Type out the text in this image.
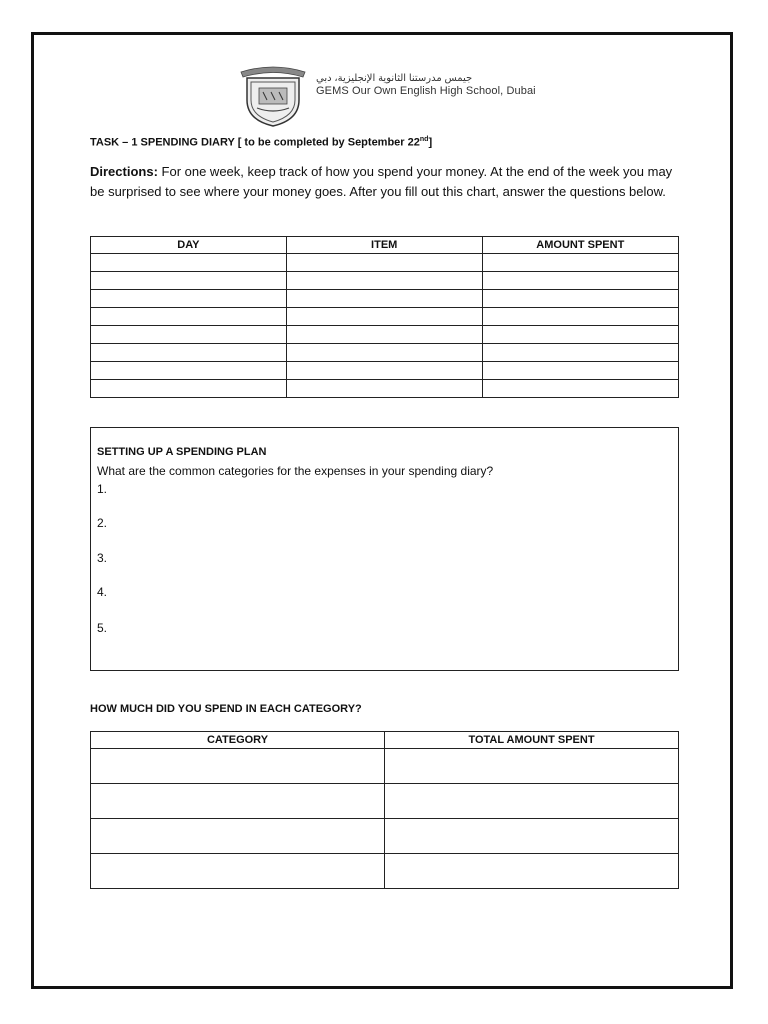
جيمس مدرستنا الثانوية الإنجليزية، دبي
GEMS Our Own English High School, Dubai
TASK – 1 SPENDING DIARY [ to be completed by September 22nd]
Directions: For one week, keep track of how you spend your money. At the end of the week you may be surprised to see where your money goes. After you fill out this chart, answer the questions below.
DAY	ITEM	AMOUNT SPENT

SETTING UP A SPENDING PLAN
What are the common categories for the expenses in your spending diary?
1.
2.
3.
4.
5.
HOW MUCH DID YOU SPEND IN EACH CATEGORY?
CATEGORY	TOTAL AMOUNT SPENT
